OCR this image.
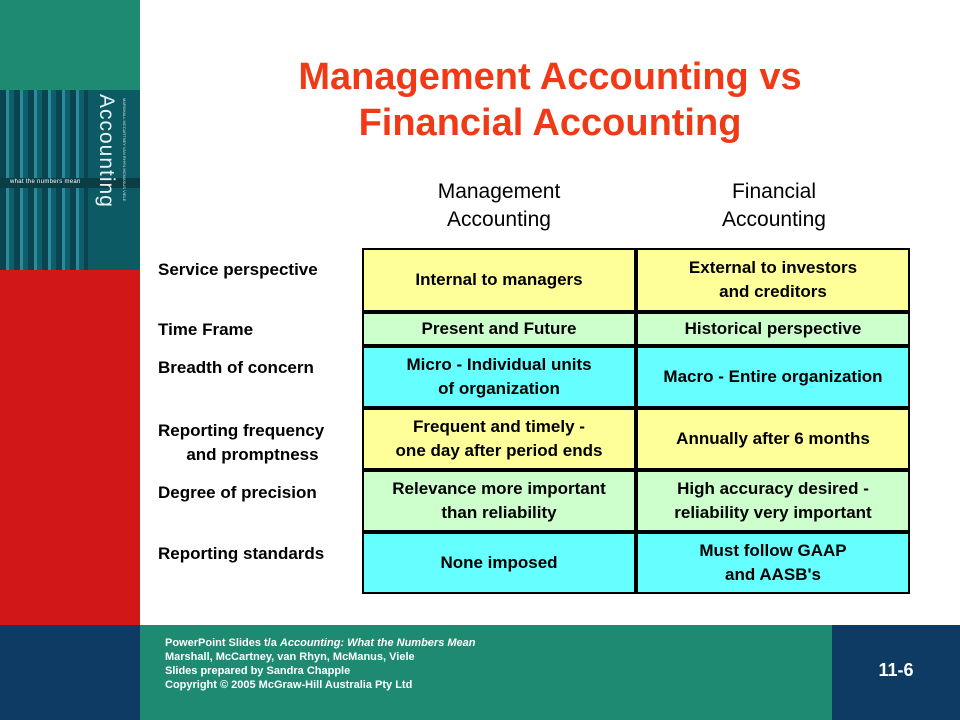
what the numbers mean Accounting MARSHALL MCCARTNEY VAN RHYN MCMANUS VIELE
Management Accounting vs
Financial Accounting
Management
Accounting
Financial
Accounting
Service perspective
Time Frame
Breadth of concern
Reporting frequency
and promptness
Degree of precision
Reporting standards
Internal to managers
Present and Future
Micro - Individual units
of organization
Frequent and timely -
one day after period ends
Relevance more important
than reliability
None imposed
External to investors
and creditors
Historical perspective
Macro - Entire organization
Annually after 6 months
High accuracy desired -
reliability very important
Must follow GAAP
and AASB's
PowerPoint Slides t/a Accounting: What the Numbers Mean
Marshall, McCartney, van Rhyn, McManus, Viele
Slides prepared by Sandra Chapple
Copyright © 2005 McGraw-Hill Australia Pty Ltd
11-6
